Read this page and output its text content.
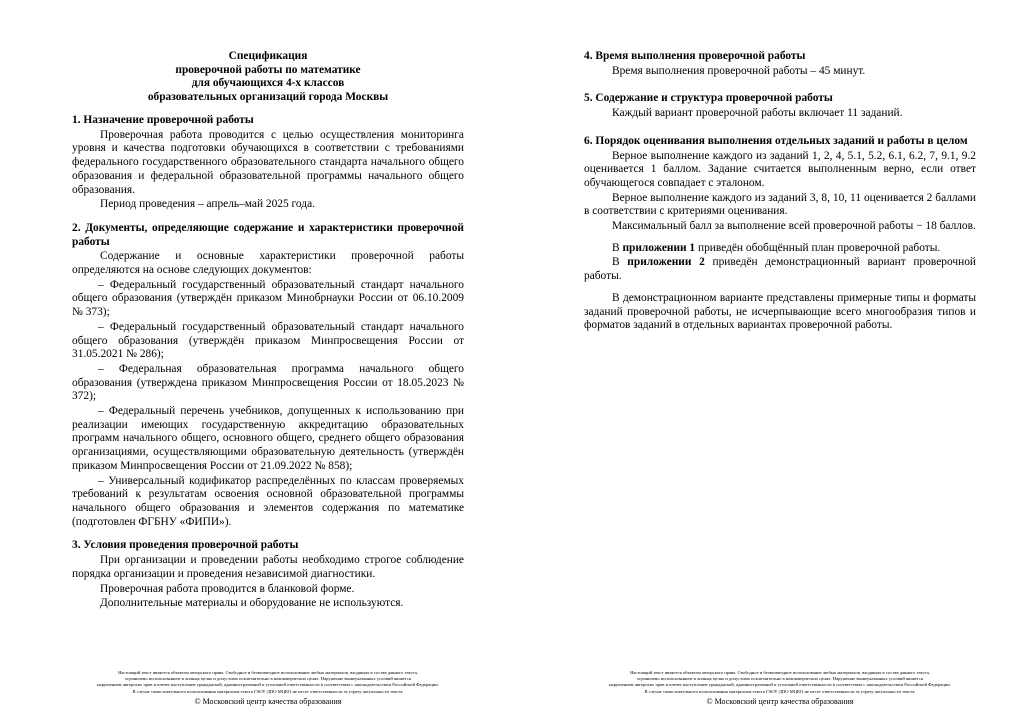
Спецификация
проверочной работы по математике
для обучающихся 4-х классов
образовательных организаций города Москвы
1. Назначение проверочной работы
Проверочная работа проводится с целью осуществления мониторинга уровня и качества подготовки обучающихся в соответствии с требованиями федерального государственного образовательного стандарта начального общего образования и федеральной образовательной программы начального общего образования.
Период проведения – апрель–май 2025 года.
2. Документы, определяющие содержание и характеристики проверочной работы
Содержание и основные характеристики проверочной работы определяются на основе следующих документов:
– Федеральный государственный образовательный стандарт начального общего образования (утверждён приказом Минобрнауки России от 06.10.2009 № 373);
– Федеральный государственный образовательный стандарт начального общего образования (утверждён приказом Минпросвещения России от 31.05.2021 № 286);
– Федеральная образовательная программа начального общего образования (утверждена приказом Минпросвещения России от 18.05.2023 № 372);
– Федеральный перечень учебников, допущенных к использованию при реализации имеющих государственную аккредитацию образовательных программ начального общего, основного общего, среднего общего образования организациями, осуществляющими образовательную деятельность (утверждён приказом Минпросвещения России от 21.09.2022 № 858);
– Универсальный кодификатор распределённых по классам проверяемых требований к результатам освоения основной образовательной программы начального общего образования и элементов содержания по математике (подготовлен ФГБНУ «ФИПИ»).
3. Условия проведения проверочной работы
При организации и проведении работы необходимо строгое соблюдение порядка организации и проведения независимой диагностики.
Проверочная работа проводится в бланковой форме.
Дополнительные материалы и оборудование не используются.
Настоящий текст является объектом авторского права. Свободное и безвозмездное использование любых материалов, входящих в состав данного текста,
ограничено использованием в личных целях и допустимо исключительно в некоммерческих целях. Нарушение вышеуказанных условий является
нарушением авторских прав и влечет наступление гражданской, административной и уголовной ответственности в соответствии с законодательством Российской Федерации.
В случае самостоятельного использования материалов текста ГАОУ ДПО МЦКО не несет ответственности за утрату актуальности текста.
© Московский центр качества образования
4. Время выполнения проверочной работы
Время выполнения проверочной работы – 45 минут.
5. Содержание и структура проверочной работы
Каждый вариант проверочной работы включает 11 заданий.
6. Порядок оценивания выполнения отдельных заданий и работы в целом
Верное выполнение каждого из заданий 1, 2, 4, 5.1, 5.2, 6.1, 6.2, 7, 9.1, 9.2 оценивается 1 баллом. Задание считается выполненным верно, если ответ обучающегося совпадает с эталоном.
Верное выполнение каждого из заданий 3, 8, 10, 11 оценивается 2 баллами в соответствии с критериями оценивания.
Максимальный балл за выполнение всей проверочной работы − 18 баллов.
В приложении 1 приведён обобщённый план проверочной работы.
В приложении 2 приведён демонстрационный вариант проверочной работы.
В демонстрационном варианте представлены примерные типы и форматы заданий проверочной работы, не исчерпывающие всего многообразия типов и форматов заданий в отдельных вариантах проверочной работы.
Настоящий текст является объектом авторского права. Свободное и безвозмездное использование любых материалов, входящих в состав данного текста,
ограничено использованием в личных целях и допустимо исключительно в некоммерческих целях. Нарушение вышеуказанных условий является
нарушением авторских прав и влечет наступление гражданской, административной и уголовной ответственности в соответствии с законодательством Российской Федерации.
В случае самостоятельного использования материалов текста ГАОУ ДПО МЦКО не несет ответственности за утрату актуальности текста.
© Московский центр качества образования
